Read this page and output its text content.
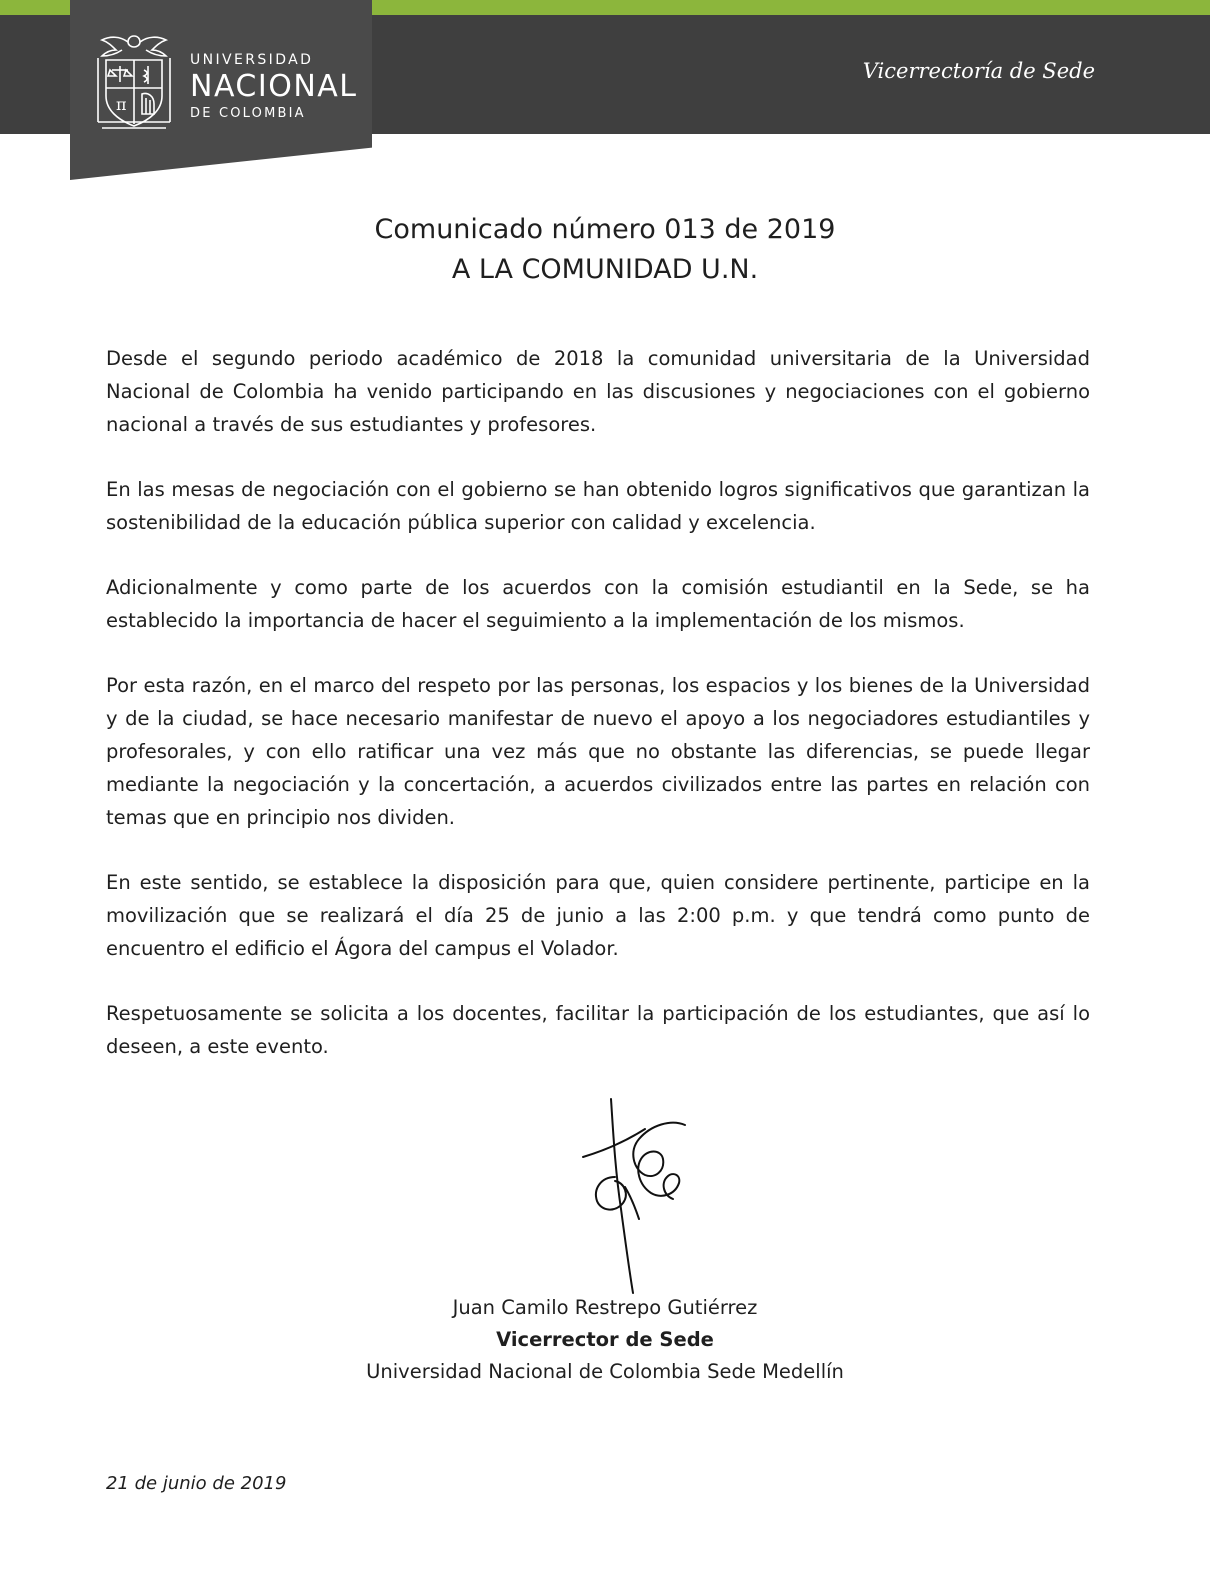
π
UNIVERSIDAD
NACIONAL
DE COLOMBIA
Vicerrectoría de Sede
Comunicado número 013 de 2019
A LA COMUNIDAD U.N.

Desde el segundo periodo académico de 2018 la comunidad universitaria de la Universidad Nacional de Colombia ha venido participando en las discusiones y negociaciones con el gobierno nacional a través de sus estudiantes y profesores.

En las mesas de negociación con el gobierno se han obtenido logros significativos que garantizan la sostenibilidad de la educación pública superior con calidad y excelencia.

Adicionalmente y como parte de los acuerdos con la comisión estudiantil en la Sede, se ha establecido la importancia de hacer el seguimiento a la implementación de los mismos.

Por esta razón, en el marco del respeto por las personas, los espacios y los bienes de la Universidad y de la ciudad, se hace necesario manifestar de nuevo el apoyo a los negociadores estudiantiles y profesorales, y con ello ratificar una vez más que no obstante las diferencias, se puede llegar mediante la negociación y la concertación, a acuerdos civilizados entre las partes en relación con temas que en principio nos dividen.

En este sentido, se establece la disposición para que, quien considere pertinente, participe en la movilización que se realizará el día 25 de junio a las 2:00 p.m. y que tendrá como punto de encuentro el edificio el Ágora del campus el Volador.

Respetuosamente se solicita a los docentes, facilitar la participación de los estudiantes, que así lo deseen, a este evento.

Juan Camilo Restrepo Gutiérrez
Vicerrector de Sede
Universidad Nacional de Colombia Sede Medellín
21 de junio de 2019
